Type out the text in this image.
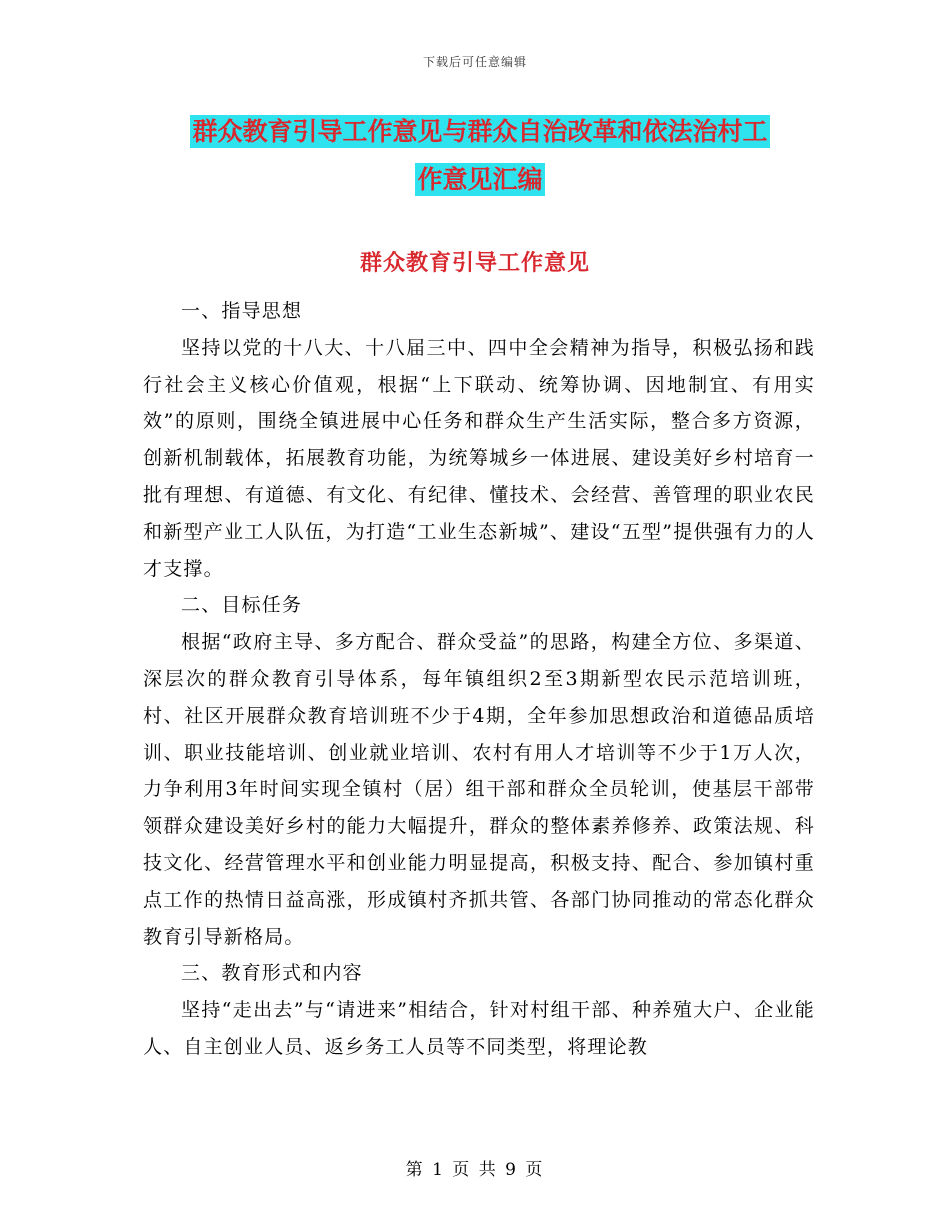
下载后可任意编辑
群众教育引导工作意见与群众自治改革和依法治村工
作意见汇编
群众教育引导工作意见

一、指导思想

坚持以党的十八大、十八届三中、四中全会精神为指导，积极弘扬和践行社会主义核心价值观，根据“上下联动、统筹协调、因地制宜、有用实效”的原则，围绕全镇进展中心任务和群众生产生活实际，整合多方资源，创新机制载体，拓展教育功能，为统筹城乡一体进展、建设美好乡村培育一批有理想、有道德、有文化、有纪律、懂技术、会经营、善管理的职业农民和新型产业工人队伍，为打造“工业生态新城”、建设“五型”提供强有力的人才支撑。

二、目标任务

根据“政府主导、多方配合、群众受益”的思路，构建全方位、多渠道、深层次的群众教育引导体系，每年镇组织2至3期新型农民示范培训班，村、社区开展群众教育培训班不少于4期，全年参加思想政治和道德品质培训、职业技能培训、创业就业培训、农村有用人才培训等不少于1万人次，力争利用3年时间实现全镇村（居）组干部和群众全员轮训，使基层干部带领群众建设美好乡村的能力大幅提升，群众的整体素养修养、政策法规、科技文化、经营管理水平和创业能力明显提高，积极支持、配合、参加镇村重点工作的热情日益高涨，形成镇村齐抓共管、各部门协同推动的常态化群众教育引导新格局。

三、教育形式和内容

坚持“走出去”与“请进来”相结合，针对村组干部、种养殖大户、企业能人、自主创业人员、返乡务工人员等不同类型，将理论教

第 1 页 共 9 页
